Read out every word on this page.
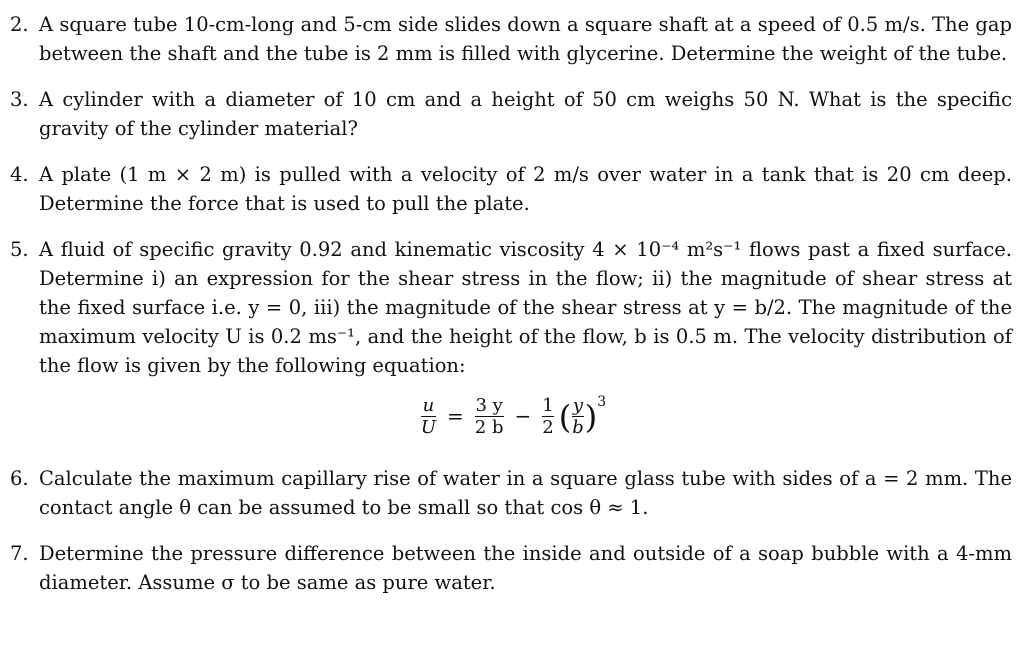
2. A square tube 10-cm-long and 5-cm side slides down a square shaft at a speed of 0.5 m/s. The gap between the shaft and the tube is 2 mm is filled with glycerine. Determine the weight of the tube.
3. A cylinder with a diameter of 10 cm and a height of 50 cm weighs 50 N. What is the specific gravity of the cylinder material?
4. A plate (1 m × 2 m) is pulled with a velocity of 2 m/s over water in a tank that is 20 cm deep. Determine the force that is used to pull the plate.
5. A fluid of specific gravity 0.92 and kinematic viscosity 4 × 10⁻⁴ m²s⁻¹ flows past a fixed surface. Determine i) an expression for the shear stress in the flow; ii) the magnitude of shear stress at the fixed surface i.e. y = 0, iii) the magnitude of the shear stress at y = b/2. The magnitude of the maximum velocity U is 0.2 ms⁻¹, and the height of the flow, b is 0.5 m. The velocity distribution of the flow is given by the following equation:
$\frac{u}{U} = \frac{3 y}{2 b} - \frac{1}{2}$ ( $\frac{y}{b}$ ) 3
6. Calculate the maximum capillary rise of water in a square glass tube with sides of a = 2 mm. The contact angle θ can be assumed to be small so that cos θ ≈ 1.
7. Determine the pressure difference between the inside and outside of a soap bubble with a 4-mm diameter. Assume σ to be same as pure water.
